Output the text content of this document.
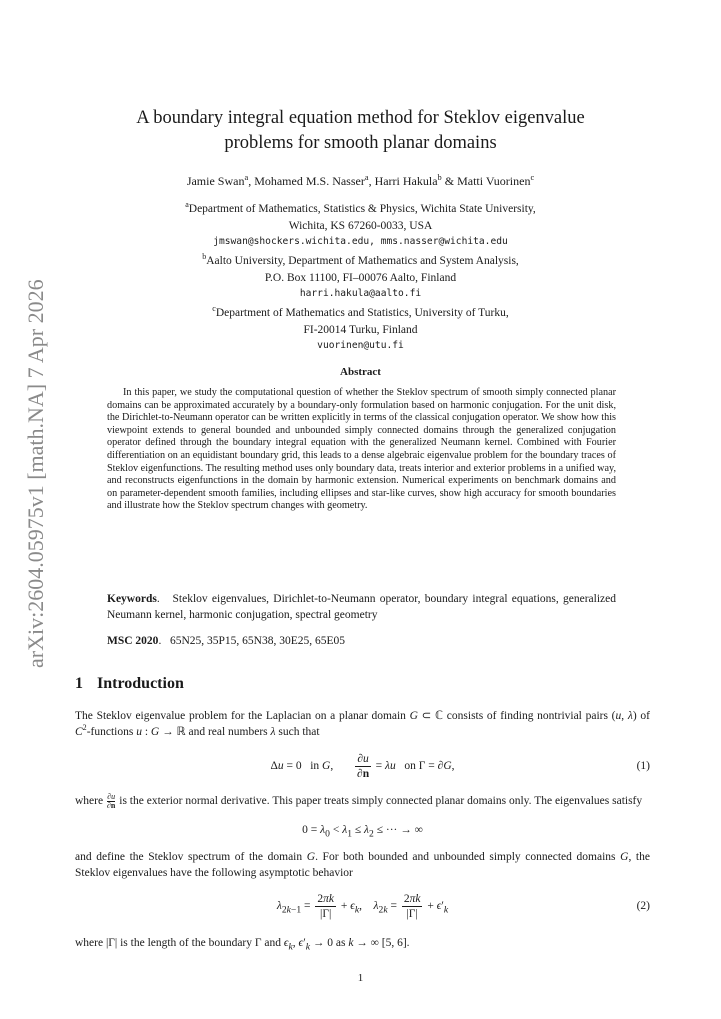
arXiv:2604.05975v1 [math.NA] 7 Apr 2026
A boundary integral equation method for Steklov eigenvalue
problems for smooth planar domains
Jamie Swan$^a$, Mohamed M.S. Nasser$^a$, Harri Hakula$^b$ & Matti Vuorinen$^c$
$^a$Department of Mathematics, Statistics & Physics, Wichita State University,
Wichita, KS 67260-0033, USA
jmswan@shockers.wichita.edu, mms.nasser@wichita.edu
$^b$Aalto University, Department of Mathematics and System Analysis,
P.O. Box 11100, FI–00076 Aalto, Finland
harri.hakula@aalto.fi
$^c$Department of Mathematics and Statistics, University of Turku,
FI-20014 Turku, Finland
vuorinen@utu.fi
Abstract
In this paper, we study the computational question of whether the Steklov spectrum of smooth simply connected planar domains can be approximated accurately by a boundary-only formulation based on harmonic conjugation. For the unit disk, the Dirichlet-to-Neumann operator can be written explicitly in terms of the classical conjugation operator. We show how this viewpoint extends to general bounded and unbounded simply connected domains through the generalized conjugation operator defined through the boundary integral equation with the generalized Neumann kernel. Combined with Fourier differentiation on an equidistant boundary grid, this leads to a dense algebraic eigenvalue problem for the boundary traces of Steklov eigenfunctions. The resulting method uses only boundary data, treats interior and exterior problems in a unified way, and reconstructs eigenfunctions in the domain by harmonic extension. Numerical experiments on benchmark domains and on parameter-dependent smooth families, including ellipses and star-like curves, show high accuracy for smooth boundaries and illustrate how the Steklov spectrum changes with geometry.
Keywords.   Steklov eigenvalues, Dirichlet-to-Neumann operator, boundary integral equations, generalized Neumann kernel, harmonic conjugation, spectral geometry
MSC 2020.   65N25, 35P15, 65N38, 30E25, 65E05
1 Introduction
The Steklov eigenvalue problem for the Laplacian on a planar domain G ⊂ ℂ consists of finding nontrivial pairs (u, λ) of $C^2$-functions u : G → ℝ and real numbers λ such that
Δu = 0   in G, $\frac{\partial u}{\partial n} = \lambda u$   on Γ = ∂G,	(1)
where $\frac{\partial u}{\partial n}$ is the exterior normal derivative. This paper treats simply connected planar domains only. The eigenvalues satisfy
$0 = \lambda_0 < \lambda_1 \le \lambda_2$ ≤ ··· → ∞
and define the Steklov spectrum of the domain G. For both bounded and unbounded simply connected domains G, the Steklov eigenvalues have the following asymptotic behavior
$\lambda_{2k-1} = \frac{2\pi k}{|\Gamma|} + \epsilon_k$,    $\lambda_{2k} = \frac{2\pi k}{|\Gamma|} + \epsilon'_k$	(2)
where |Γ| is the length of the boundary Γ and $\epsilon_k$, $\epsilon'_k \to 0$ as k → ∞ [5, 6].
1
